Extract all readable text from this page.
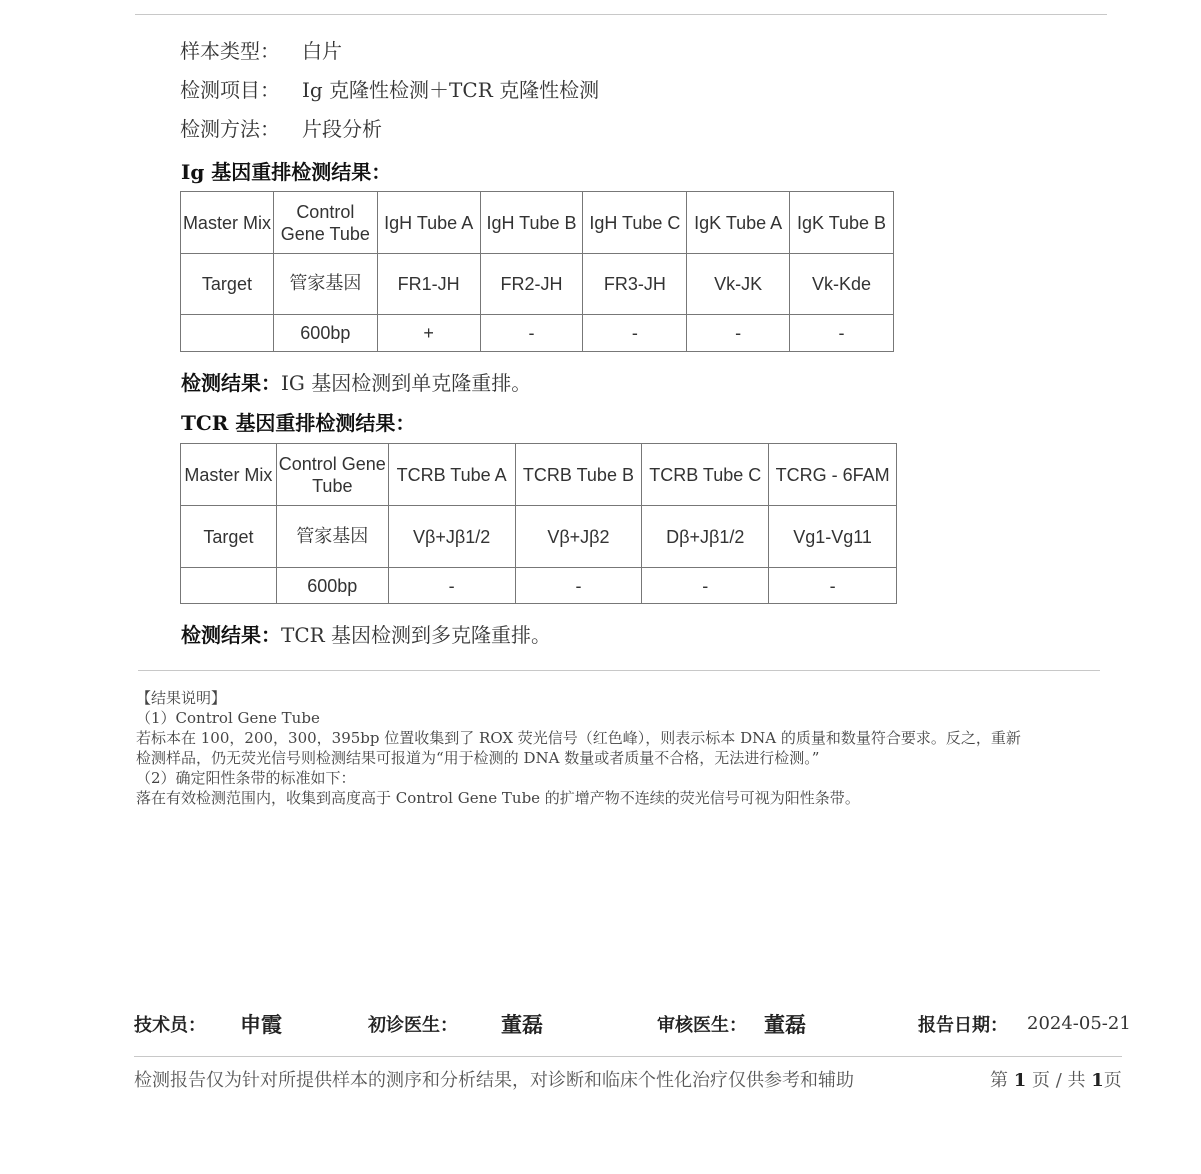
样本类型： 白片
检测项目： Ig 克隆性检测＋TCR 克隆性检测
检测方法： 片段分析
Ig 基因重排检测结果：
Master Mix	Control Gene Tube	IgH Tube A	IgH Tube B	IgH Tube C	IgK Tube A	IgK Tube B
Target	管家基因	FR1-JH	FR2-JH	FR3-JH	Vk-JK	Vk-Kde
	600bp	+	-	-	-	-
检测结果：IG 基因检测到单克隆重排。
TCR 基因重排检测结果：
Master Mix	Control Gene Tube	TCRB Tube A	TCRB Tube B	TCRB Tube C	TCRG - 6FAM
Target	管家基因	Vβ+Jβ1/2	Vβ+Jβ2	Dβ+Jβ1/2	Vg1-Vg11
	600bp	-	-	-	-
检测结果：TCR 基因检测到多克隆重排。
【结果说明】
（1）Control Gene Tube
若标本在 100，200，300，395bp 位置收集到了 ROX 荧光信号（红色峰），则表示标本 DNA 的质量和数量符合要求。反之，重新
检测样品，仍无荧光信号则检测结果可报道为“用于检测的 DNA 数量或者质量不合格，无法进行检测。”
（2）确定阳性条带的标准如下：
落在有效检测范围内，收集到高度高于 Control Gene Tube 的扩增产物不连续的荧光信号可视为阳性条带。
技术员： 申霞	初诊医生： 董磊	审核医生： 董磊	报告日期： 2024-05-21
检测报告仅为针对所提供样本的测序和分析结果，对诊断和临床个性化治疗仅供参考和辅助	第 1 页 / 共 1页
